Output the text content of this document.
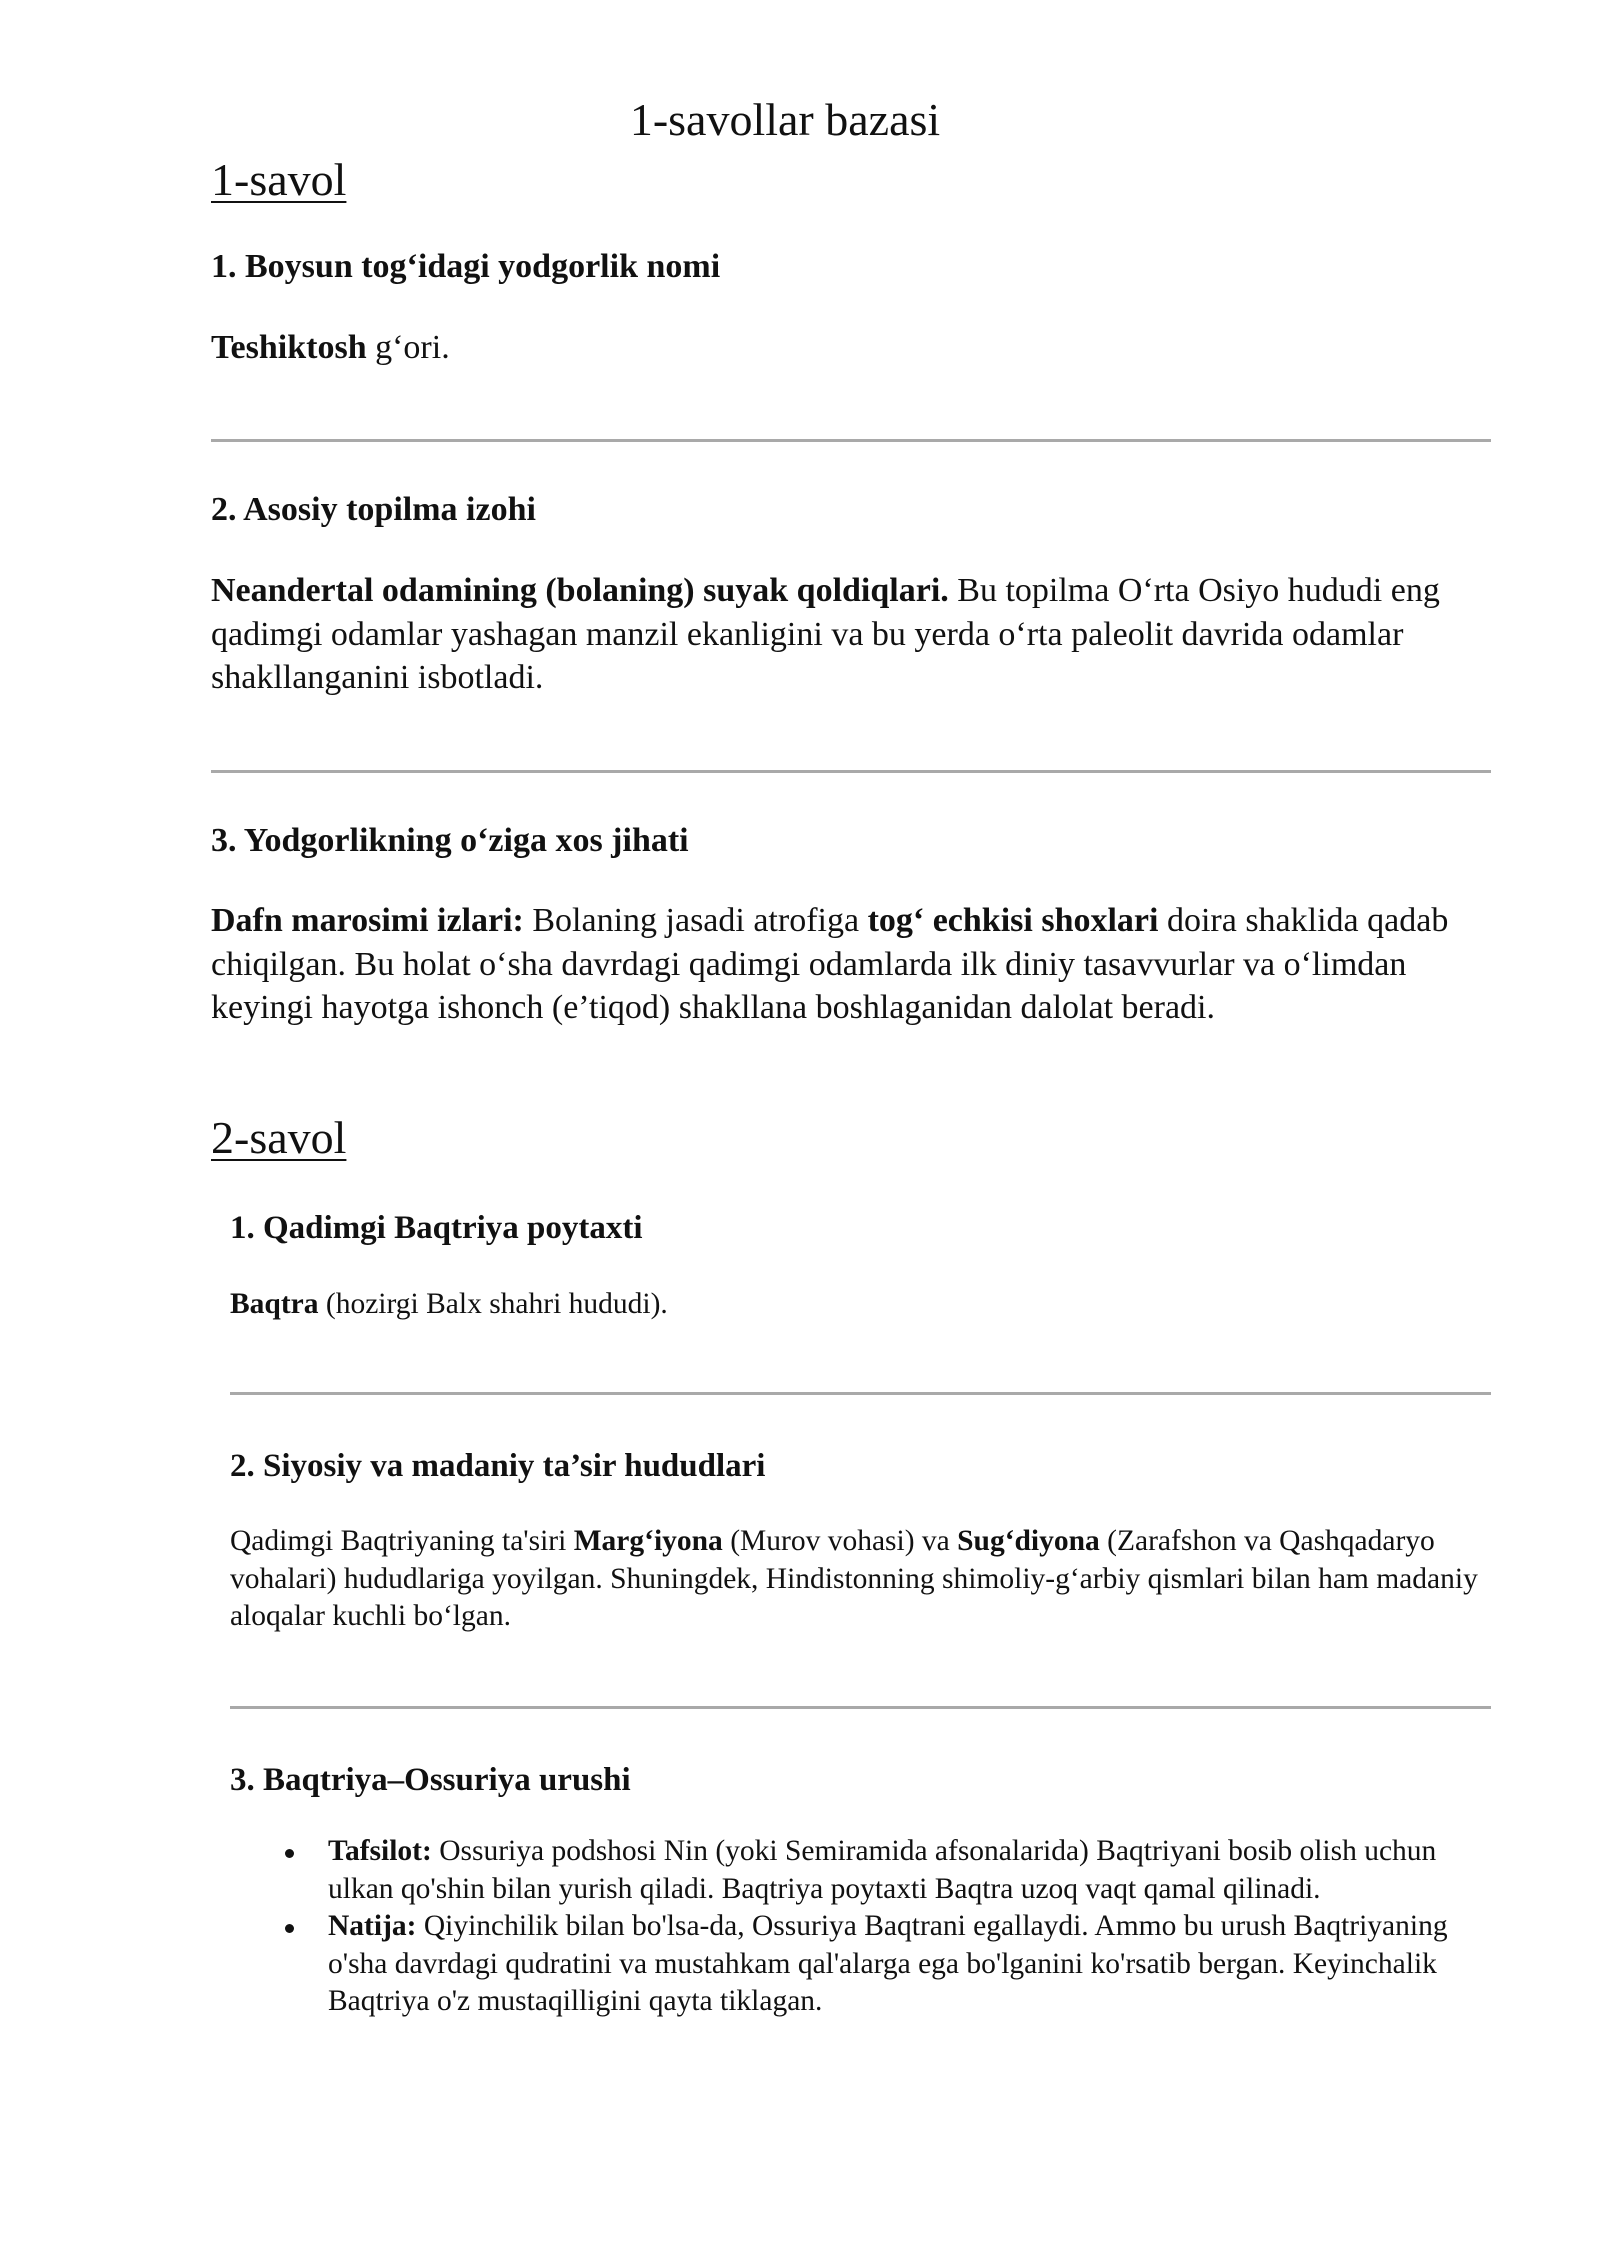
1-savollar bazasi
1-savol
1. Boysun tog‘idagi yodgorlik nomi
Teshiktosh g‘ori.
2. Asosiy topilma izohi
Neandertal odamining (bolaning) suyak qoldiqlari. Bu topilma O‘rta Osiyo hududi eng qadimgi odamlar yashagan manzil ekanligini va bu yerda o‘rta paleolit davrida odamlar shakllanganini isbotladi.
3. Yodgorlikning o‘ziga xos jihati
Dafn marosimi izlari: Bolaning jasadi atrofiga tog‘ echkisi shoxlari doira shaklida qadab chiqilgan. Bu holat o‘sha davrdagi qadimgi odamlarda ilk diniy tasavvurlar va o‘limdan keyingi hayotga ishonch (e’tiqod) shakllana boshlaganidan dalolat beradi.
2-savol
1. Qadimgi Baqtriya poytaxti
Baqtra (hozirgi Balx shahri hududi).
2. Siyosiy va madaniy ta’sir hududlari
Qadimgi Baqtriyaning ta'siri Marg‘iyona (Murov vohasi) va Sug‘diyona (Zarafshon va Qashqadaryo vohalari) hududlariga yoyilgan. Shuningdek, Hindistonning shimoliy-g‘arbiy qismlari bilan ham madaniy aloqalar kuchli bo‘lgan.
3. Baqtriya–Ossuriya urushi
Tafsilot: Ossuriya podshosi Nin (yoki Semiramida afsonalarida) Baqtriyani bosib olish uchun ulkan qo'shin bilan yurish qiladi. Baqtriya poytaxti Baqtra uzoq vaqt qamal qilinadi.
Natija: Qiyinchilik bilan bo'lsa-da, Ossuriya Baqtrani egallaydi. Ammo bu urush Baqtriyaning o'sha davrdagi qudratini va mustahkam qal'alarga ega bo'lganini ko'rsatib bergan. Keyinchalik Baqtriya o'z mustaqilligini qayta tiklagan.
